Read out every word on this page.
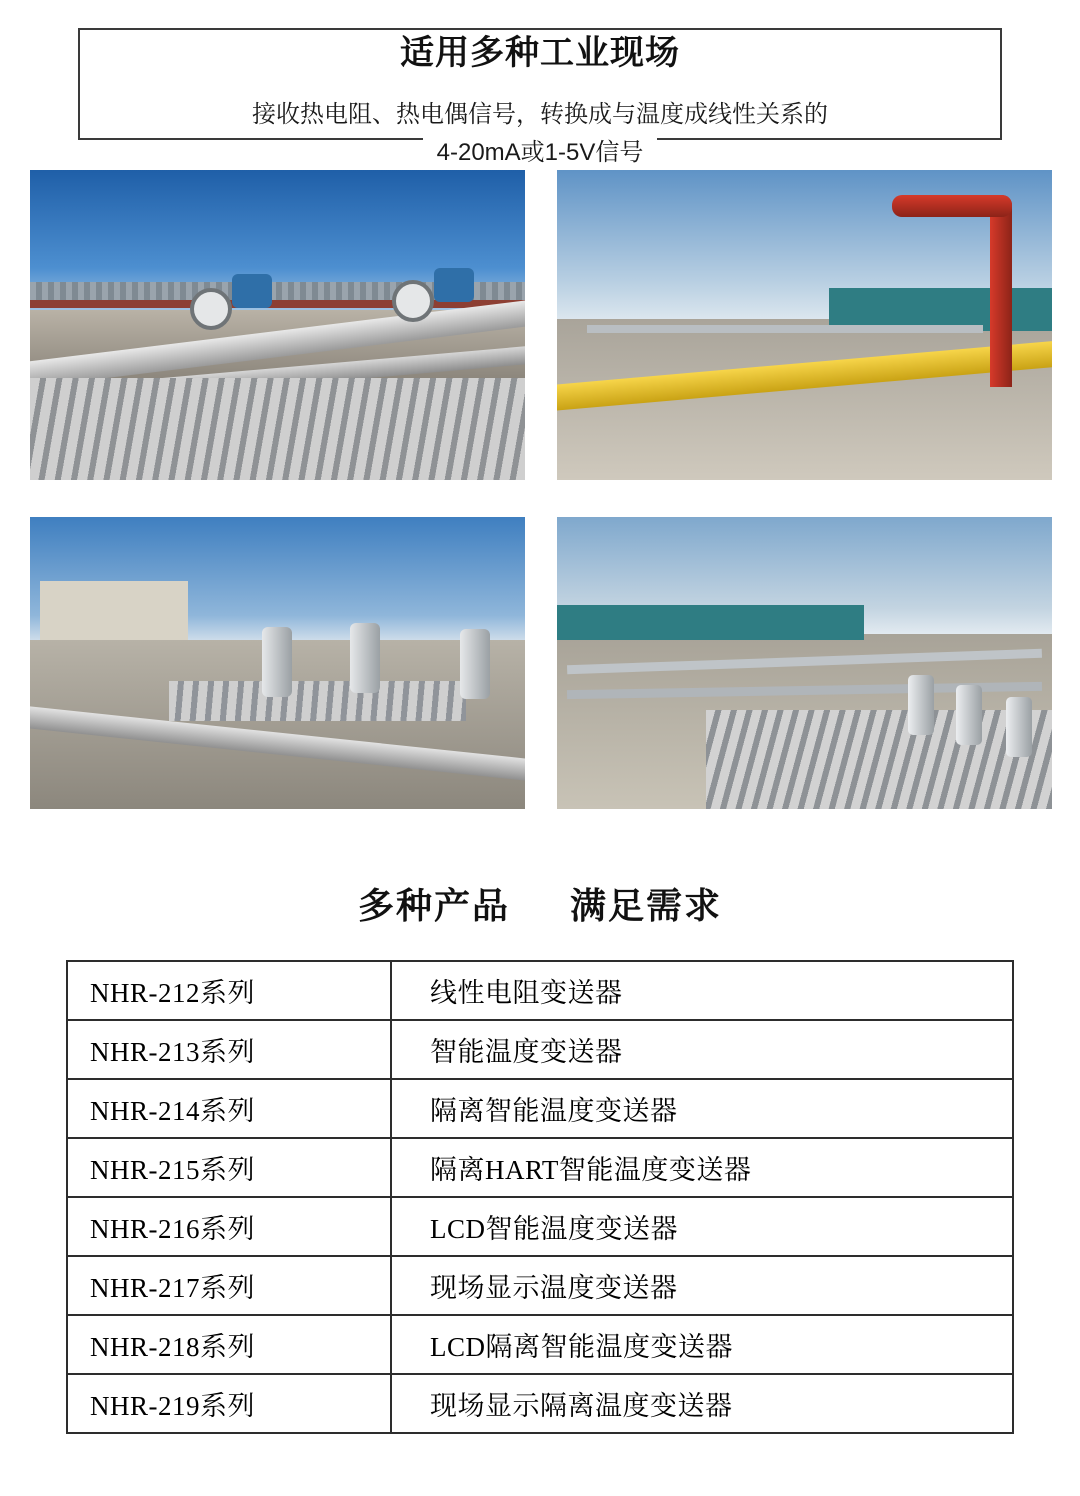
适用多种工业现场
接收热电阻、热电偶信号，转换成与温度成线性关系的
4-20mA或1-5V信号
多种产品 满足需求
NHR-212系列	线性电阻变送器
NHR-213系列	智能温度变送器
NHR-214系列	隔离智能温度变送器
NHR-215系列	隔离HART智能温度变送器
NHR-216系列	LCD智能温度变送器
NHR-217系列	现场显示温度变送器
NHR-218系列	LCD隔离智能温度变送器
NHR-219系列	现场显示隔离温度变送器
